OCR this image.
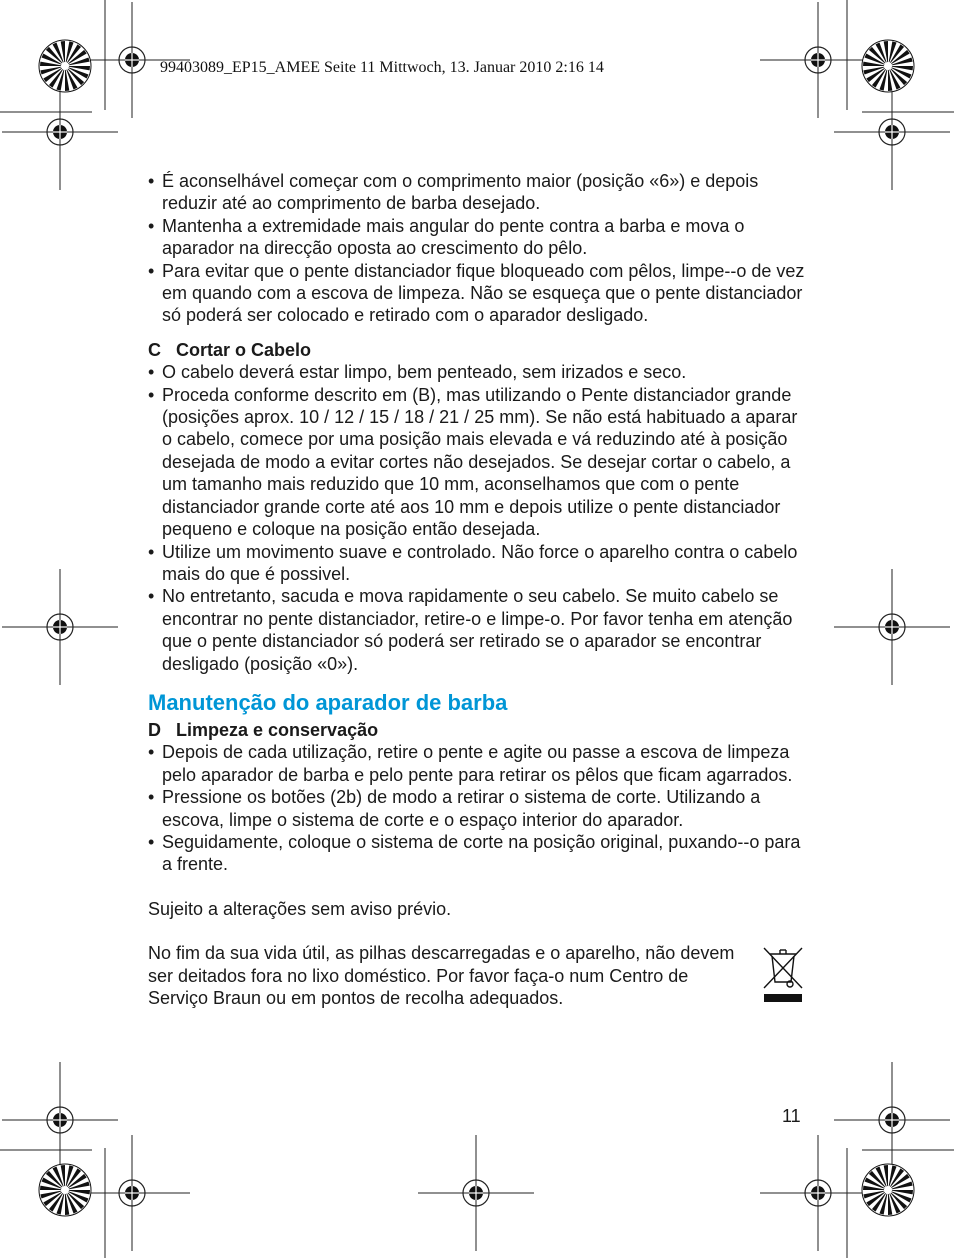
99403089_EP15_AMEE Seite 11 Mittwoch, 13. Januar 2010 2:16 14
• É aconselhável começar com o comprimento maior (posição «6») e depois reduzir até ao comprimento de barba desejado.
• Mantenha a extremidade mais angular do pente contra a barba e mova o aparador na direcção oposta ao crescimento do pêlo.
• Para evitar que o pente distanciador fique bloqueado com pêlos, limpe--o de vez em quando com a escova de limpeza. Não se esqueça que o pente distanciador só poderá ser colocado e retirado com o aparador desligado.
C Cortar o Cabelo
• O cabelo deverá estar limpo, bem penteado, sem irizados e seco.
• Proceda conforme descrito em (B), mas utilizando o Pente distanciador grande (posições aprox. 10 / 12 / 15 / 18 / 21 / 25 mm). Se não está habituado a aparar o cabelo, comece por uma posição mais elevada e vá reduzindo até à posição desejada de modo a evitar cortes não desejados. Se desejar cortar o cabelo, a um tamanho mais reduzido que 10 mm, aconselhamos que com o pente distanciador grande corte até aos 10 mm e depois utilize o pente distanciador pequeno e coloque na posição então desejada.
• Utilize um movimento suave e controlado. Não force o aparelho contra o cabelo mais do que é possivel.
• No entretanto, sacuda e mova rapidamente o seu cabelo. Se muito cabelo se encontrar no pente distanciador, retire-o e limpe-o. Por favor tenha em atenção que o pente distanciador só poderá ser retirado se o aparador se encontrar desligado (posição «0»).
Manutenção do aparador de barba
D Limpeza e conservação
• Depois de cada utilização, retire o pente e agite ou passe a escova de limpeza pelo aparador de barba e pelo pente para retirar os pêlos que ficam agarrados.
• Pressione os botões (2b) de modo a retirar o sistema de corte. Utilizando a escova, limpe o sistema de corte e o espaço interior do aparador.
• Seguidamente, coloque o sistema de corte na posição original, puxando--o para a frente.
Sujeito a alterações sem aviso prévio.
No fim da sua vida útil, as pilhas descarregadas e o aparelho, não devem ser deitados fora no lixo doméstico. Por favor faça-o num Centro de Serviço Braun ou em pontos de recolha adequados.
11
